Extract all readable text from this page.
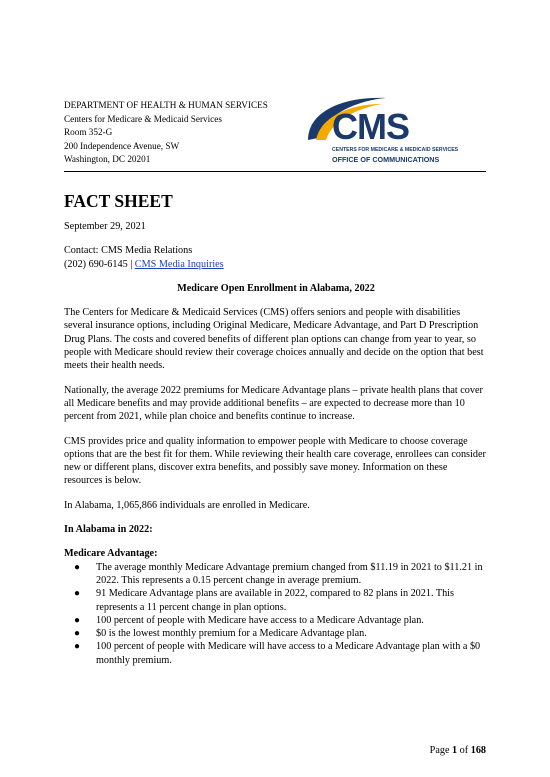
DEPARTMENT OF HEALTH & HUMAN SERVICES
Centers for Medicare & Medicaid Services
Room 352-G
200 Independence Avenue, SW
Washington, DC 20201
CMS
CENTERS FOR MEDICARE & MEDICAID SERVICES
OFFICE OF COMMUNICATIONS
FACT SHEET

September 29, 2021

Contact: CMS Media Relations

(202) 690-6145 | CMS Media Inquiries

Medicare Open Enrollment in Alabama, 2022

The Centers for Medicare & Medicaid Services (CMS) offers seniors and people with disabilities several insurance options, including Original Medicare, Medicare Advantage, and Part D Prescription Drug Plans. The costs and covered benefits of different plan options can change from year to year, so people with Medicare should review their coverage choices annually and decide on the option that best meets their health needs.

Nationally, the average 2022 premiums for Medicare Advantage plans – private health plans that cover all Medicare benefits and may provide additional benefits – are expected to decrease more than 10 percent from 2021, while plan choice and benefits continue to increase.

CMS provides price and quality information to empower people with Medicare to choose coverage options that are the best fit for them. While reviewing their health care coverage, enrollees can consider new or different plans, discover extra benefits, and possibly save money. Information on these resources is below.

In Alabama, 1,065,866 individuals are enrolled in Medicare.

In Alabama in 2022:

Medicare Advantage:

● The average monthly Medicare Advantage premium changed from $11.19 in 2021 to $11.21 in 2022. This represents a 0.15 percent change in average premium.
● 91 Medicare Advantage plans are available in 2022, compared to 82 plans in 2021. This represents a 11 percent change in plan options.
● 100 percent of people with Medicare have access to a Medicare Advantage plan.
● $0 is the lowest monthly premium for a Medicare Advantage plan.
● 100 percent of people with Medicare will have access to a Medicare Advantage plan with a $0 monthly premium.
Page 1 of 168
